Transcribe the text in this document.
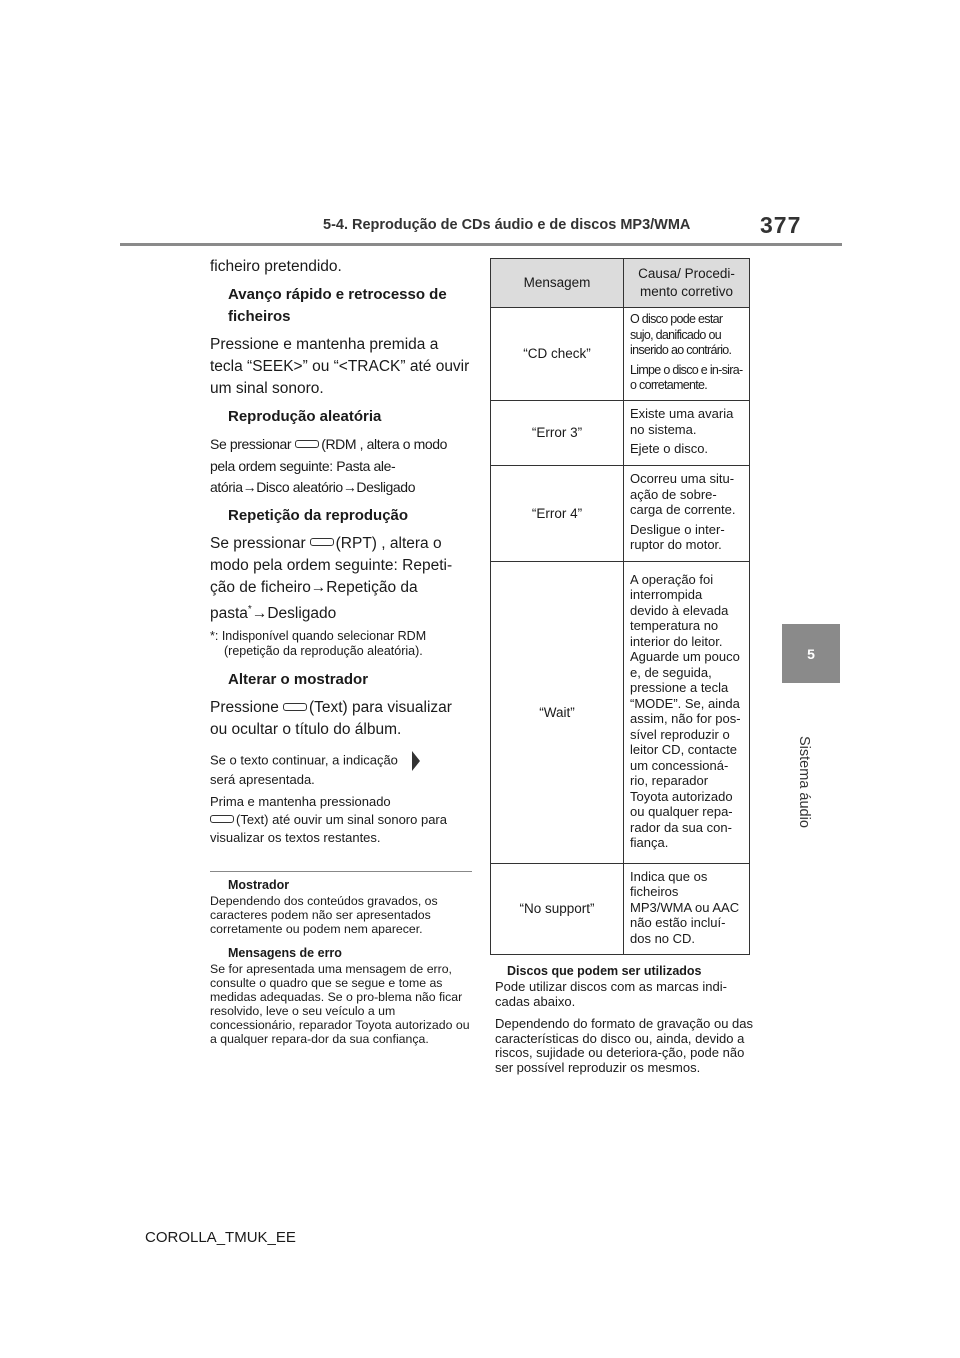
5-4. Reprodução de CDs áudio e de discos MP3/WMA	377
5
Sistema áudio

ficheiro pretendido.

Avanço rápido e retrocesso de ficheiros

Pressione e mantenha premida a tecla “SEEK>” ou “<TRACK” até ouvir um sinal sonoro.

Reprodução aleatória

Se pressionar (RDM , altera o modo pela ordem seguinte: Pasta ale-atória→Disco aleatório→Desligado

Repetição da reprodução

Se pressionar (RPT) , altera o modo pela ordem seguinte: Repeti-ção de ficheiro→Repetição da pasta*→Desligado

*: Indisponível quando selecionar RDM (repetição da reprodução aleatória).

Alterar o mostrador

Pressione (Text) para visualizar ou ocultar o título do álbum.

Se o texto continuar, a indicação
será apresentada.

Prima e mantenha pressionado
(Text) até ouvir um sinal sonoro para visualizar os textos restantes.

Mostrador

Dependendo dos conteúdos gravados, os caracteres podem não ser apresentados corretamente ou podem nem aparecer.

Mensagens de erro

Se for apresentada uma mensagem de erro, consulte o quadro que se segue e tome as medidas adequadas. Se o pro-blema não ficar resolvido, leve o seu veículo a um concessionário, reparador Toyota autorizado ou a qualquer repara-dor da sua confiança.

Mensagem	Causa/ Procedi-mento corretivo
“CD check”	O disco pode estar sujo, danificado ou inserido ao contrário.

Limpe o disco e in-sira-o corretamente.

“Error 3”	Existe uma avaria no sistema.

Ejete o disco.

“Error 4”	Ocorreu uma situ-ação de sobre-carga de corrente.

Desligue o inter-ruptor do motor.

“Wait”	A operação foi interrompida devido à elevada temperatura no interior do leitor. Aguarde um pouco e, de seguida, pressione a tecla “MODE”. Se, ainda assim, não for pos-sível reproduzir o leitor CD, contacte um concessioná-rio, reparador Toyota autorizado ou qualquer repa-rador da sua con-fiança.

“No support”	Indica que os ficheiros MP3/WMA ou AAC não estão incluí-dos no CD.

Discos que podem ser utilizados

Pode utilizar discos com as marcas indi-cadas abaixo.

Dependendo do formato de gravação ou das características do disco ou, ainda, devido a riscos, sujidade ou deteriora-ção, pode não ser possível reproduzir os mesmos.

COROLLA_TMUK_EE
